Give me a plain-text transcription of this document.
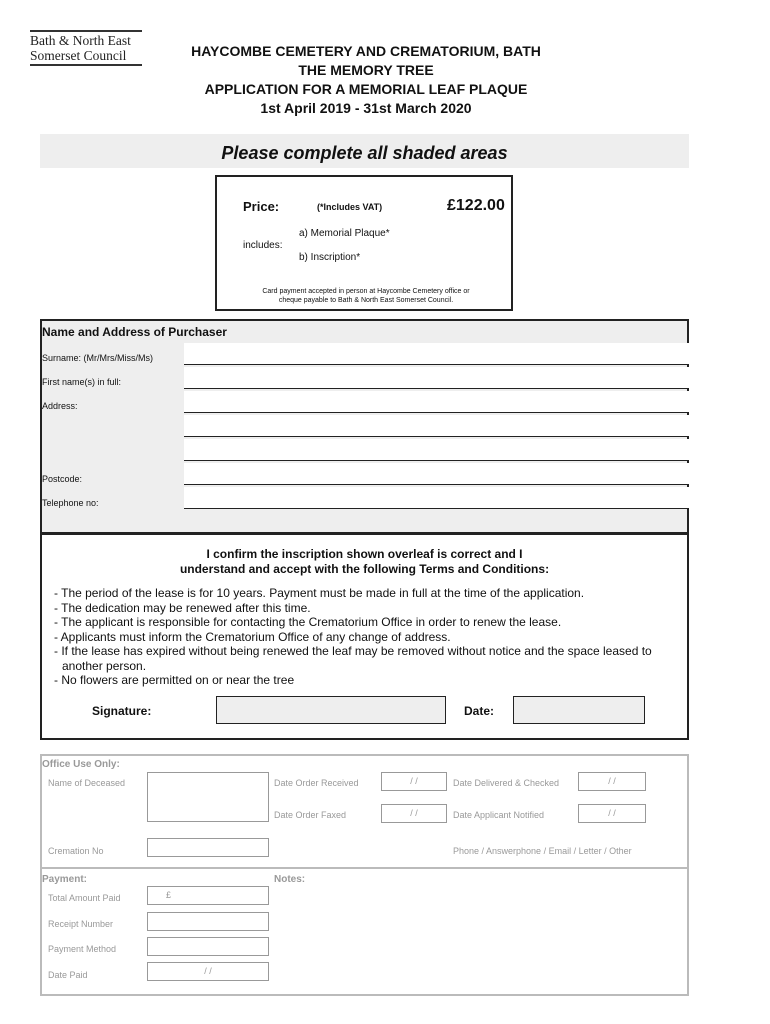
Bath & North East
Somerset Council	HAYCOMBE CEMETERY AND CREMATORIUM, BATH
THE MEMORY TREE
APPLICATION FOR A MEMORIAL LEAF PLAQUE
1st April 2019 - 31st March 2020
Please complete all shaded areas
Price:	(*Includes VAT)	£122.00
a) Memorial Plaque*
includes:
b) Inscription*
Card payment accepted in person at Haycombe Cemetery office or
cheque payable to Bath & North East Somerset Council.
Name and Address of Purchaser
Surname: (Mr/Mrs/Miss/Ms)
First name(s) in full:
Address:
Postcode:
Telephone no:
I confirm the inscription shown overleaf is correct and I
understand and accept with the following Terms and Conditions:
- The period of the lease is for 10 years. Payment must be made in full at the time of the application.
- The dedication may be renewed after this time.
- The applicant is responsible for contacting the Crematorium Office in order to renew the lease.
- Applicants must inform the Crematorium Office of any change of address.
- If the lease has expired without being renewed the leaf may be removed without notice and the space leased to another person.
- No flowers are permitted on or near the tree
Signature:	Date:
Office Use Only:
Name of Deceased	Date Order Received	/ /	Date Delivered & Checked	/ /
Date Order Faxed	/ /	Date Applicant Notified	/ /
Cremation No	Phone / Answerphone / Email / Letter / Other
Payment:	Notes:
Total Amount Paid	£
Receipt Number
Payment Method
Date Paid	/ /
